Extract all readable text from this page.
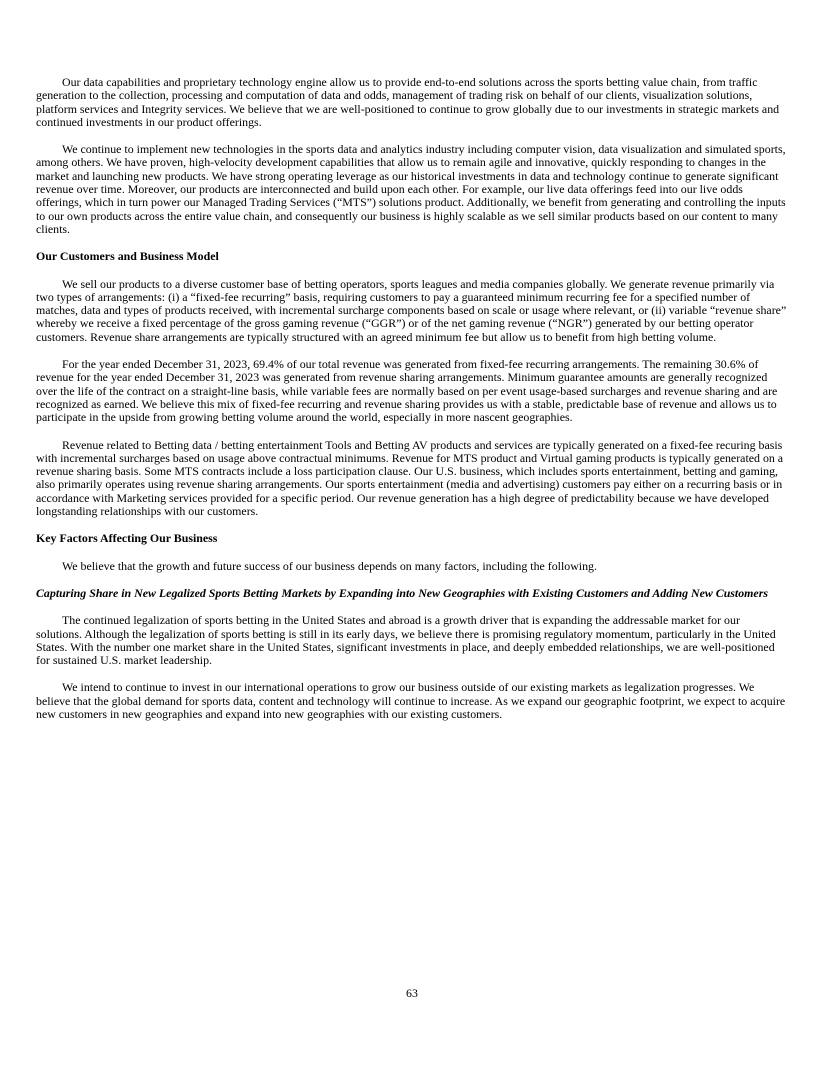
Our data capabilities and proprietary technology engine allow us to provide end-to-end solutions across the sports betting value chain, from traffic generation to the collection, processing and computation of data and odds, management of trading risk on behalf of our clients, visualization solutions, platform services and Integrity services. We believe that we are well-positioned to continue to grow globally due to our investments in strategic markets and continued investments in our product offerings.

We continue to implement new technologies in the sports data and analytics industry including computer vision, data visualization and simulated sports, among others. We have proven, high-velocity development capabilities that allow us to remain agile and innovative, quickly responding to changes in the market and launching new products. We have strong operating leverage as our historical investments in data and technology continue to generate significant revenue over time. Moreover, our products are interconnected and build upon each other. For example, our live data offerings feed into our live odds offerings, which in turn power our Managed Trading Services (“MTS”) solutions product. Additionally, we benefit from generating and controlling the inputs to our own products across the entire value chain, and consequently our business is highly scalable as we sell similar products based on our content to many clients.

Our Customers and Business Model

We sell our products to a diverse customer base of betting operators, sports leagues and media companies globally. We generate revenue primarily via two types of arrangements: (i) a “fixed-fee recurring” basis, requiring customers to pay a guaranteed minimum recurring fee for a specified number of matches, data and types of products received, with incremental surcharge components based on scale or usage where relevant, or (ii) variable “revenue share” whereby we receive a fixed percentage of the gross gaming revenue (“GGR”) or of the net gaming revenue (“NGR”) generated by our betting operator customers. Revenue share arrangements are typically structured with an agreed minimum fee but allow us to benefit from high betting volume.

For the year ended December 31, 2023, 69.4% of our total revenue was generated from fixed-fee recurring arrangements. The remaining 30.6% of revenue for the year ended December 31, 2023 was generated from revenue sharing arrangements. Minimum guarantee amounts are generally recognized over the life of the contract on a straight-line basis, while variable fees are normally based on per event usage-based surcharges and revenue sharing and are recognized as earned. We believe this mix of fixed-fee recurring and revenue sharing provides us with a stable, predictable base of revenue and allows us to participate in the upside from growing betting volume around the world, especially in more nascent geographies.

Revenue related to Betting data / betting entertainment Tools and Betting AV products and services are typically generated on a fixed-fee recuring basis with incremental surcharges based on usage above contractual minimums. Revenue for MTS product and Virtual gaming products is typically generated on a revenue sharing basis. Some MTS contracts include a loss participation clause. Our U.S. business, which includes sports entertainment, betting and gaming, also primarily operates using revenue sharing arrangements. Our sports entertainment (media and advertising) customers pay either on a recurring basis or in accordance with Marketing services provided for a specific period. Our revenue generation has a high degree of predictability because we have developed longstanding relationships with our customers.

Key Factors Affecting Our Business

We believe that the growth and future success of our business depends on many factors, including the following.

Capturing Share in New Legalized Sports Betting Markets by Expanding into New Geographies with Existing Customers and Adding New Customers

The continued legalization of sports betting in the United States and abroad is a growth driver that is expanding the addressable market for our solutions. Although the legalization of sports betting is still in its early days, we believe there is promising regulatory momentum, particularly in the United States. With the number one market share in the United States, significant investments in place, and deeply embedded relationships, we are well-positioned for sustained U.S. market leadership.

We intend to continue to invest in our international operations to grow our business outside of our existing markets as legalization progresses. We believe that the global demand for sports data, content and technology will continue to increase. As we expand our geographic footprint, we expect to acquire new customers in new geographies and expand into new geographies with our existing customers.

63
